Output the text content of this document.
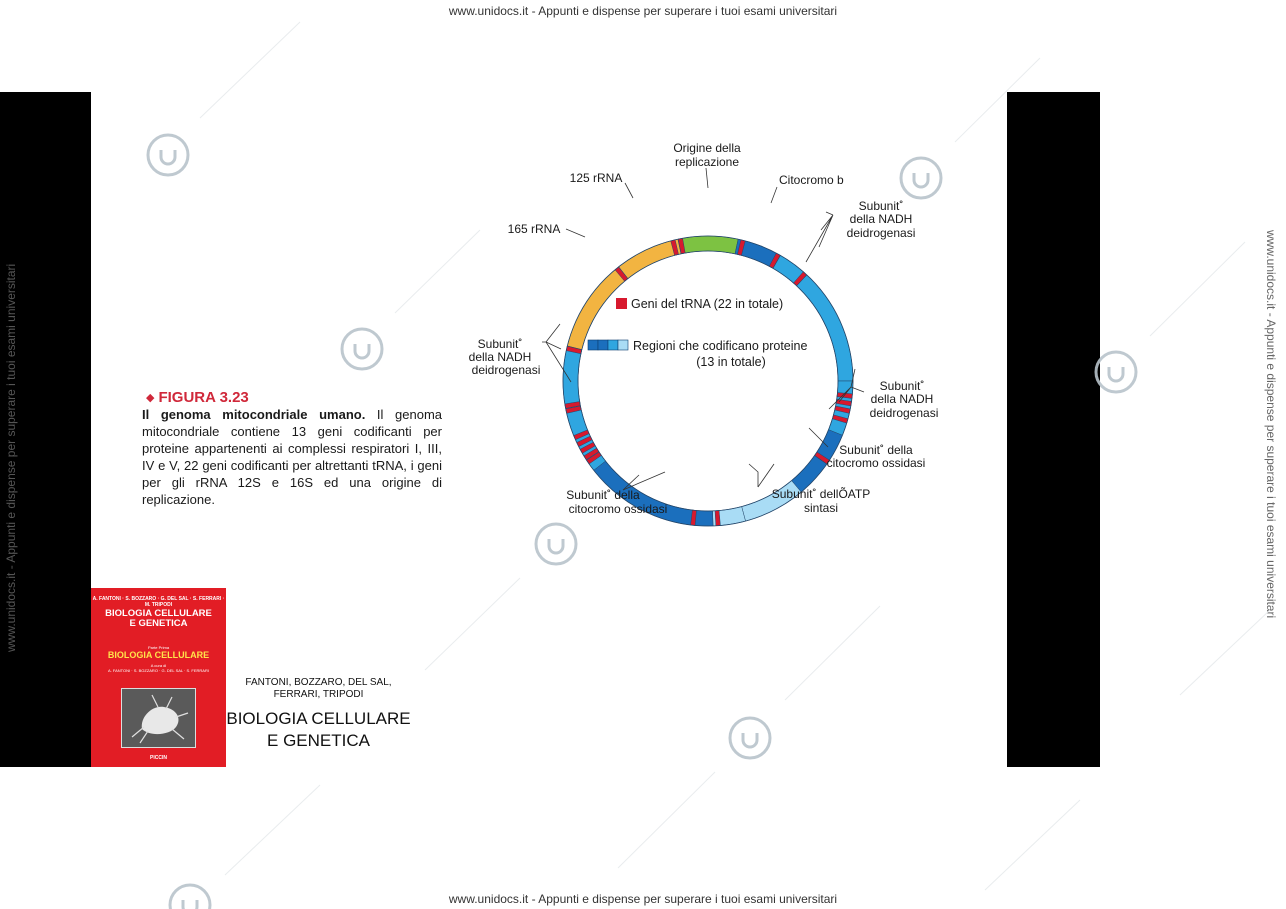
www.unidocs.it - Appunti e dispense per superare i tuoi esami universitari
www.unidocs.it - Appunti e dispense per superare i tuoi esami universitari
www.unidocs.it - Appunti e dispense per superare i tuoi esami universitari	www.unidocs.it - Appunti e dispense per superare i tuoi esami universitari
◆ FIGURA 3.23
Il genoma mitocondriale umano. Il genoma mitocondriale contiene 13 geni codificanti per proteine appartenenti ai complessi respiratori I, III, IV e V, 22 geni codificanti per altrettanti tRNA, i geni per gli rRNA 12S e 16S ed una origine di replicazione.
Origine della
replicazione
125 rRNA
165 rRNA
Citocromo b
Subunit˚
della NADH
deidrogenasi
Subunit˚
della NADH
deidrogenasi
Subunit˚
della NADH
deidrogenasi
Subunit˚ della
citocromo ossidasi
Subunit˚ dellÕATP
sintasi
Subunit˚ della
citocromo ossidasi
Geni del tRNA (22 in totale)
Regioni che codificano proteine
(13 in totale)
A. FANTONI · S. BOZZARO · G. DEL SAL · S. FERRARI · M. TRIPODI
BIOLOGIA CELLULARE
E GENETICA
Parte Prima
BIOLOGIA CELLULARE
A cura di
A. FANTONI · S. BOZZARO · G. DEL SAL · S. FERRARI
PICCIN
FANTONI, BOZZARO, DEL SAL,
FERRARI, TRIPODI
BIOLOGIA CELLULARE
E GENETICA
